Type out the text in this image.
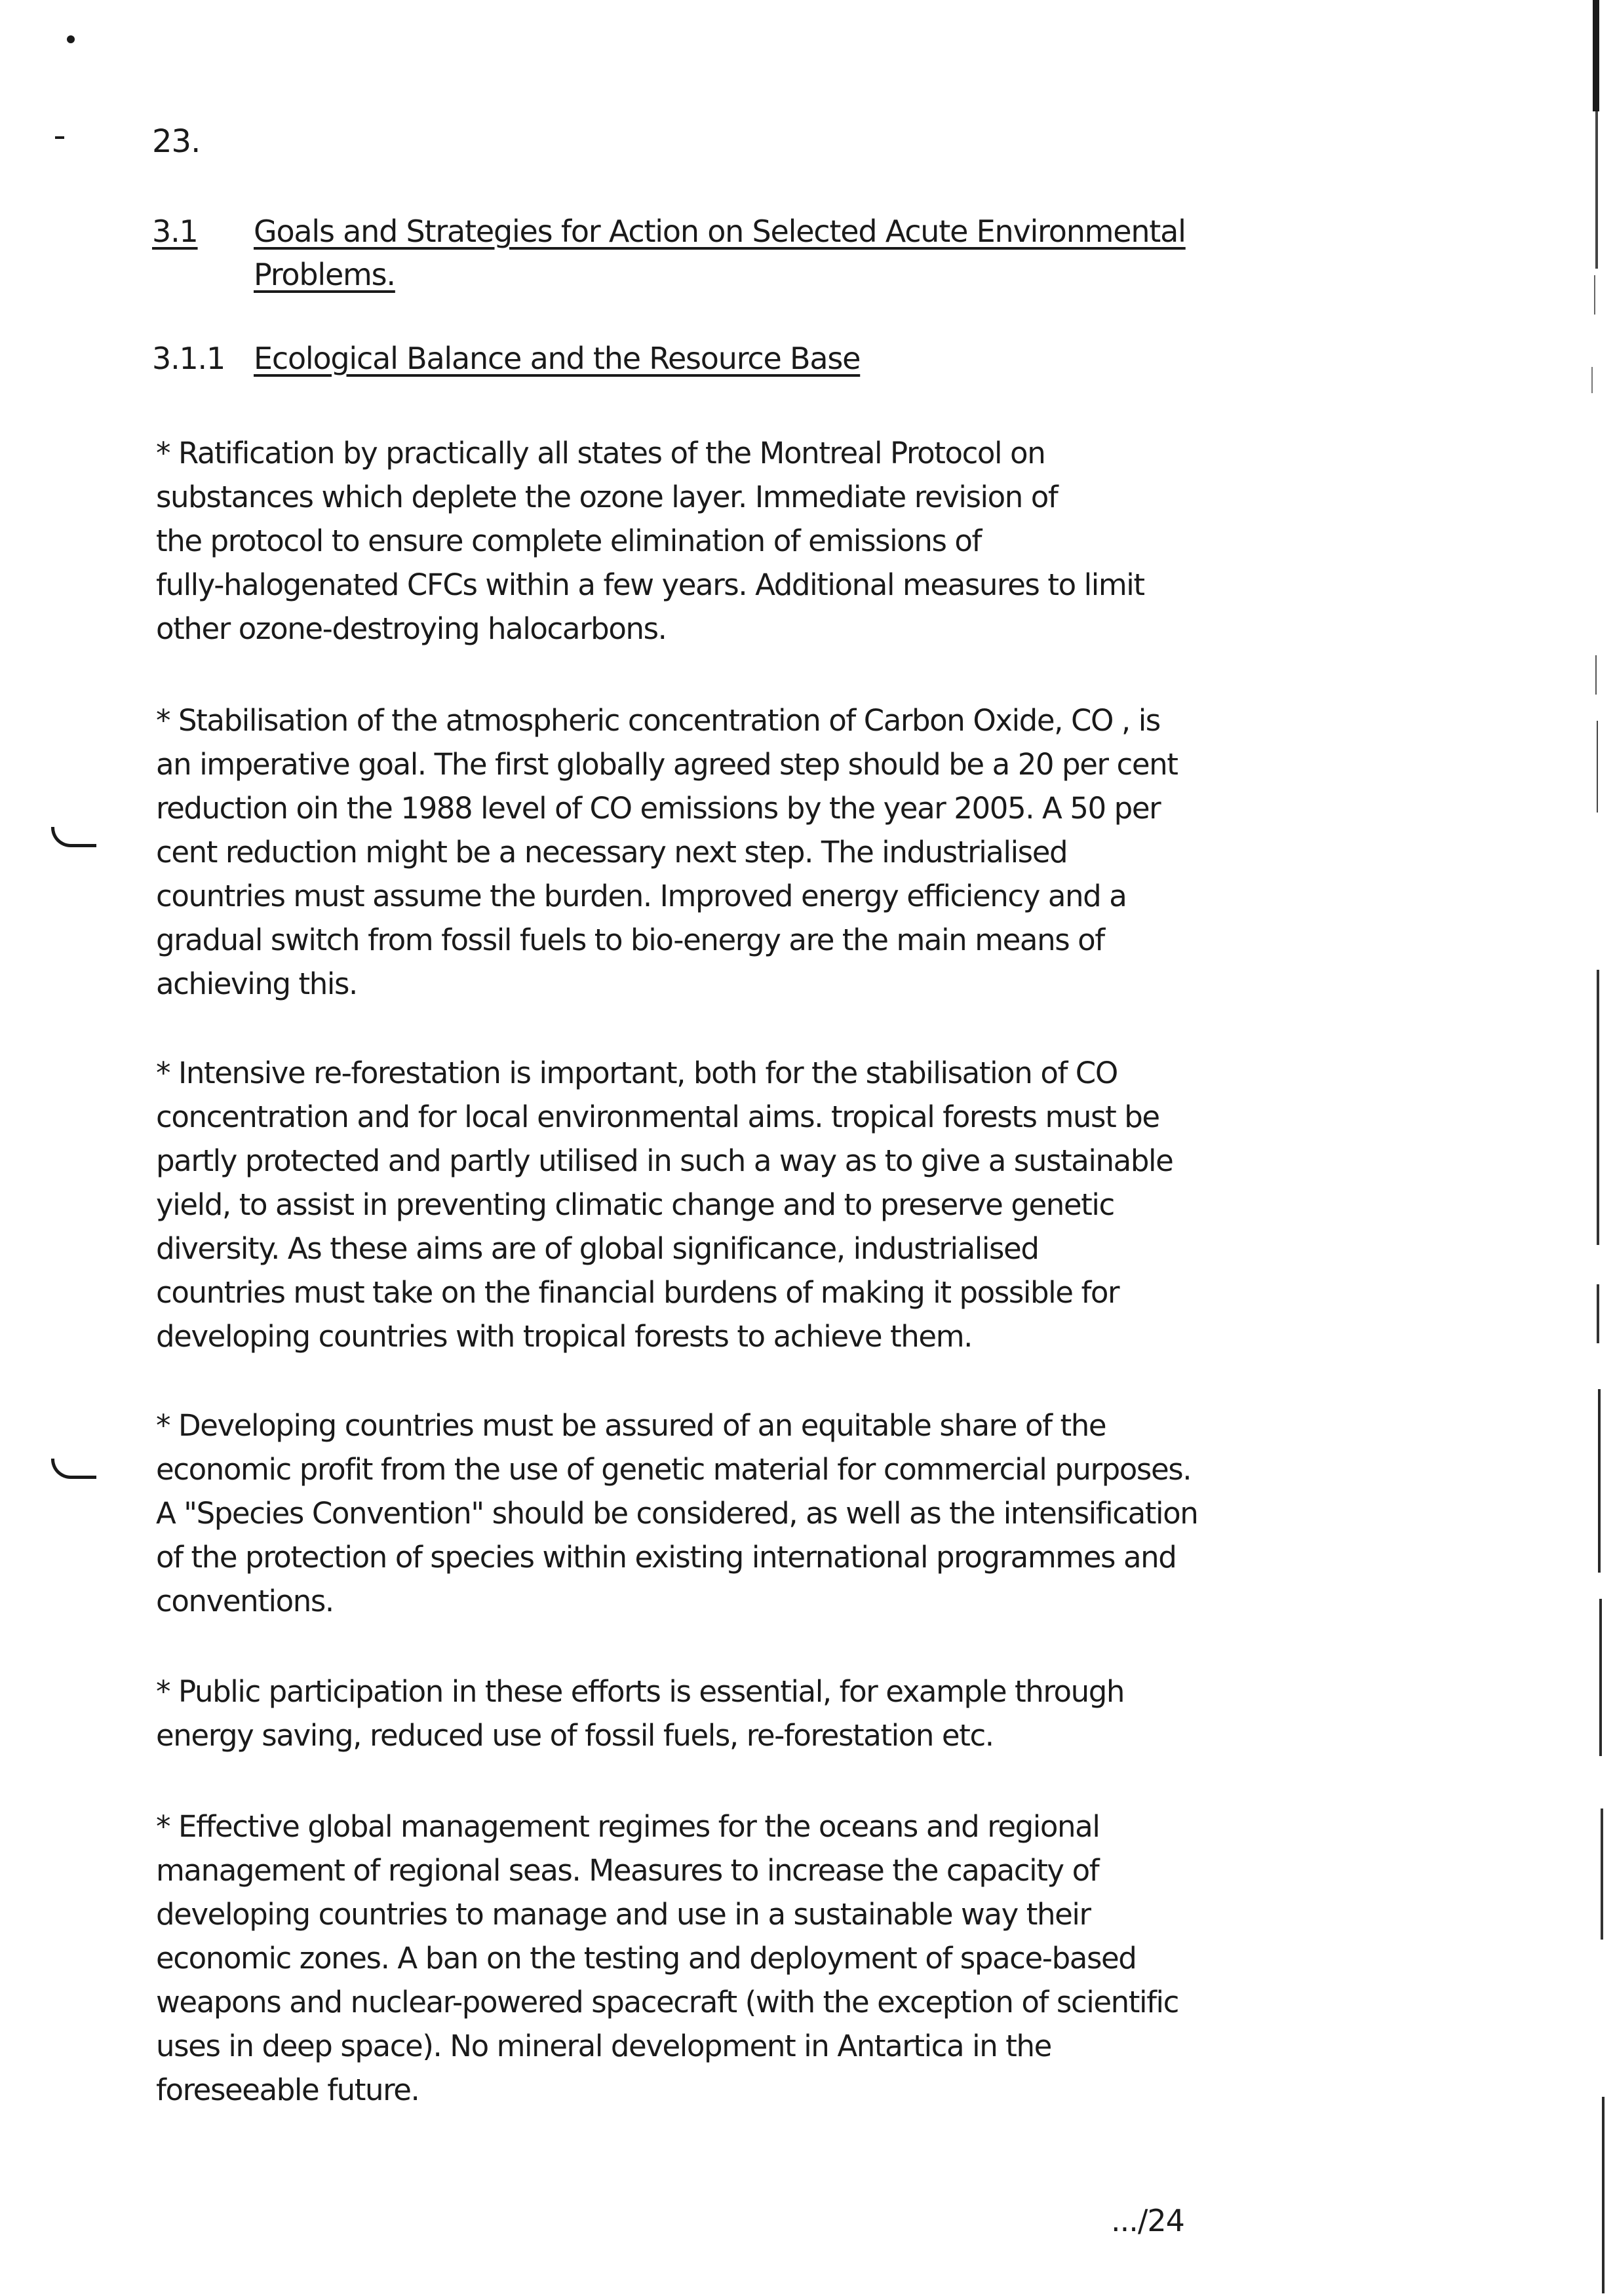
23.
3.1 Goals and Strategies for Action on Selected Acute Environmental
Problems.
3.1.1 Ecological Balance and the Resource Base

* Ratification by practically all states of the Montreal Protocol on
substances which deplete the ozone layer. Immediate revision of
the protocol to ensure complete elimination of emissions of
fully-halogenated CFCs within a few years. Additional measures to limit
other ozone-destroying halocarbons.

* Stabilisation of the atmospheric concentration of Carbon Oxide, CO , is
an imperative goal. The first globally agreed step should be a 20 per cent
reduction oin the 1988 level of CO emissions by the year 2005. A 50 per
cent reduction might be a necessary next step. The industrialised
countries must assume the burden. Improved energy efficiency and a
gradual switch from fossil fuels to bio-energy are the main means of
achieving this.

* Intensive re-forestation is important, both for the stabilisation of CO
concentration and for local environmental aims. tropical forests must be
partly protected and partly utilised in such a way as to give a sustainable
yield, to assist in preventing climatic change and to preserve genetic
diversity. As these aims are of global significance, industrialised
countries must take on the financial burdens of making it possible for
developing countries with tropical forests to achieve them.

* Developing countries must be assured of an equitable share of the
economic profit from the use of genetic material for commercial purposes.
A "Species Convention" should be considered, as well as the intensification
of the protection of species within existing international programmes and
conventions.

* Public participation in these efforts is essential, for example through
energy saving, reduced use of fossil fuels, re-forestation etc.

* Effective global management regimes for the oceans and regional
management of regional seas. Measures to increase the capacity of
developing countries to manage and use in a sustainable way their
economic zones. A ban on the testing and deployment of space-based
weapons and nuclear-powered spacecraft (with the exception of scientific
uses in deep space). No mineral development in Antartica in the
foreseeable future.

.../24
